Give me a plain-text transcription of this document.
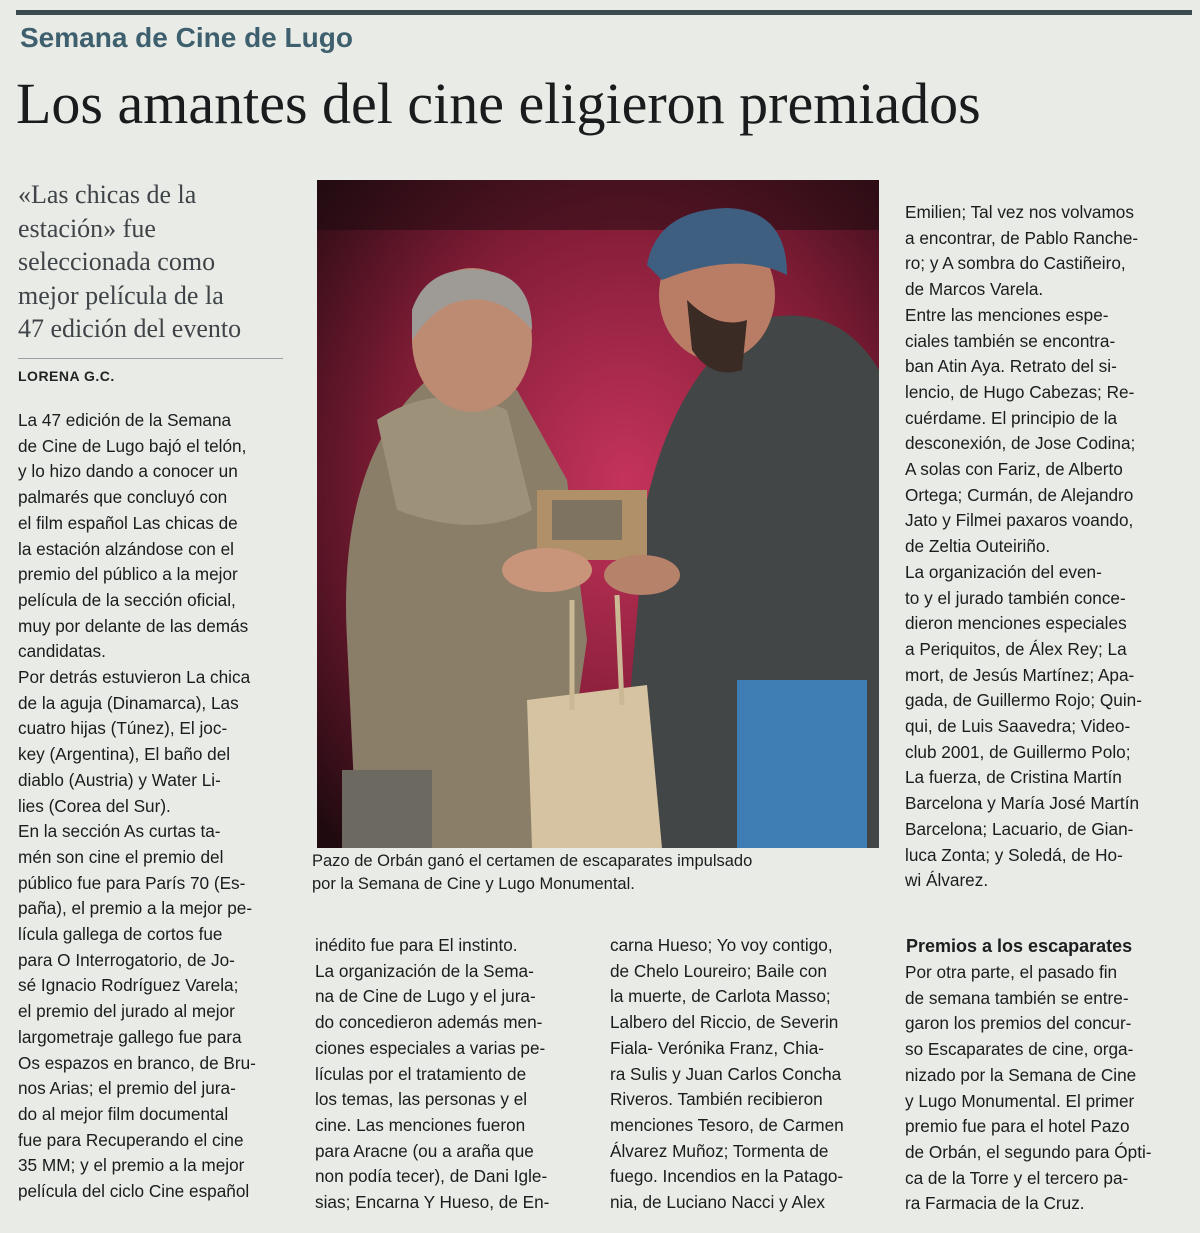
Semana de Cine de Lugo
Los amantes del cine eligieron premiados
«Las chicas de la
estación» fue
seleccionada como
mejor película de la
47 edición del evento
LORENA G.C.

La 47 edición de la Semana

de Cine de Lugo bajó el telón,

y lo hizo dando a conocer un

palmarés que concluyó con

el film español Las chicas de

la estación alzándose con el

premio del público a la mejor

película de la sección oficial,

muy por delante de las demás

candidatas.

Por detrás estuvieron La chica

de la aguja (Dinamarca), Las

cuatro hijas (Túnez), El joc-

key (Argentina), El baño del

diablo (Austria) y Water Li-

lies (Corea del Sur).

En la sección As curtas ta-

mén son cine el premio del

público fue para París 70 (Es-

paña), el premio a la mejor pe-

lícula gallega de cortos fue

para O Interrogatorio, de Jo-

sé Ignacio Rodríguez Varela;

el premio del jurado al mejor

largometraje gallego fue para

Os espazos en branco, de Bru-

nos Arias; el premio del jura-

do al mejor film documental

fue para Recuperando el cine

35 MM; y el premio a la mejor

película del ciclo Cine español

Pazo de Orbán ganó el certamen de escaparates impulsado

por la Semana de Cine y Lugo Monumental.

inédito fue para El instinto.

La organización de la Sema-

na de Cine de Lugo y el jura-

do concedieron además men-

ciones especiales a varias pe-

lículas por el tratamiento de

los temas, las personas y el

cine. Las menciones fueron

para Aracne (ou a araña que

non podía tecer), de Dani Igle-

sias; Encarna Y Hueso, de En-

carna Hueso; Yo voy contigo,

de Chelo Loureiro; Baile con

la muerte, de Carlota Masso;

Lalbero del Riccio, de Severin

Fiala- Verónika Franz, Chia-

ra Sulis y Juan Carlos Concha

Riveros. También recibieron

menciones Tesoro, de Carmen

Álvarez Muñoz; Tormenta de

fuego. Incendios en la Patago-

nia, de Luciano Nacci y Alex

Emilien; Tal vez nos volvamos

a encontrar, de Pablo Ranche-

ro; y A sombra do Castiñeiro,

de Marcos Varela.

Entre las menciones espe-

ciales también se encontra-

ban Atin Aya. Retrato del si-

lencio, de Hugo Cabezas; Re-

cuérdame. El principio de la

desconexión, de Jose Codina;

A solas con Fariz, de Alberto

Ortega; Curmán, de Alejandro

Jato y Filmei paxaros voando,

de Zeltia Outeiriño.

La organización del even-

to y el jurado también conce-

dieron menciones especiales

a Periquitos, de Álex Rey; La

mort, de Jesús Martínez; Apa-

gada, de Guillermo Rojo; Quin-

qui, de Luis Saavedra; Video-

club 2001, de Guillermo Polo;

La fuerza, de Cristina Martín

Barcelona y María José Martín

Barcelona; Lacuario, de Gian-

luca Zonta; y Soledá, de Ho-

wi Álvarez.

Premios a los escaparates

Por otra parte, el pasado fin

de semana también se entre-

garon los premios del concur-

so Escaparates de cine, orga-

nizado por la Semana de Cine

y Lugo Monumental. El primer

premio fue para el hotel Pazo

de Orbán, el segundo para Ópti-

ca de la Torre y el tercero pa-

ra Farmacia de la Cruz.
